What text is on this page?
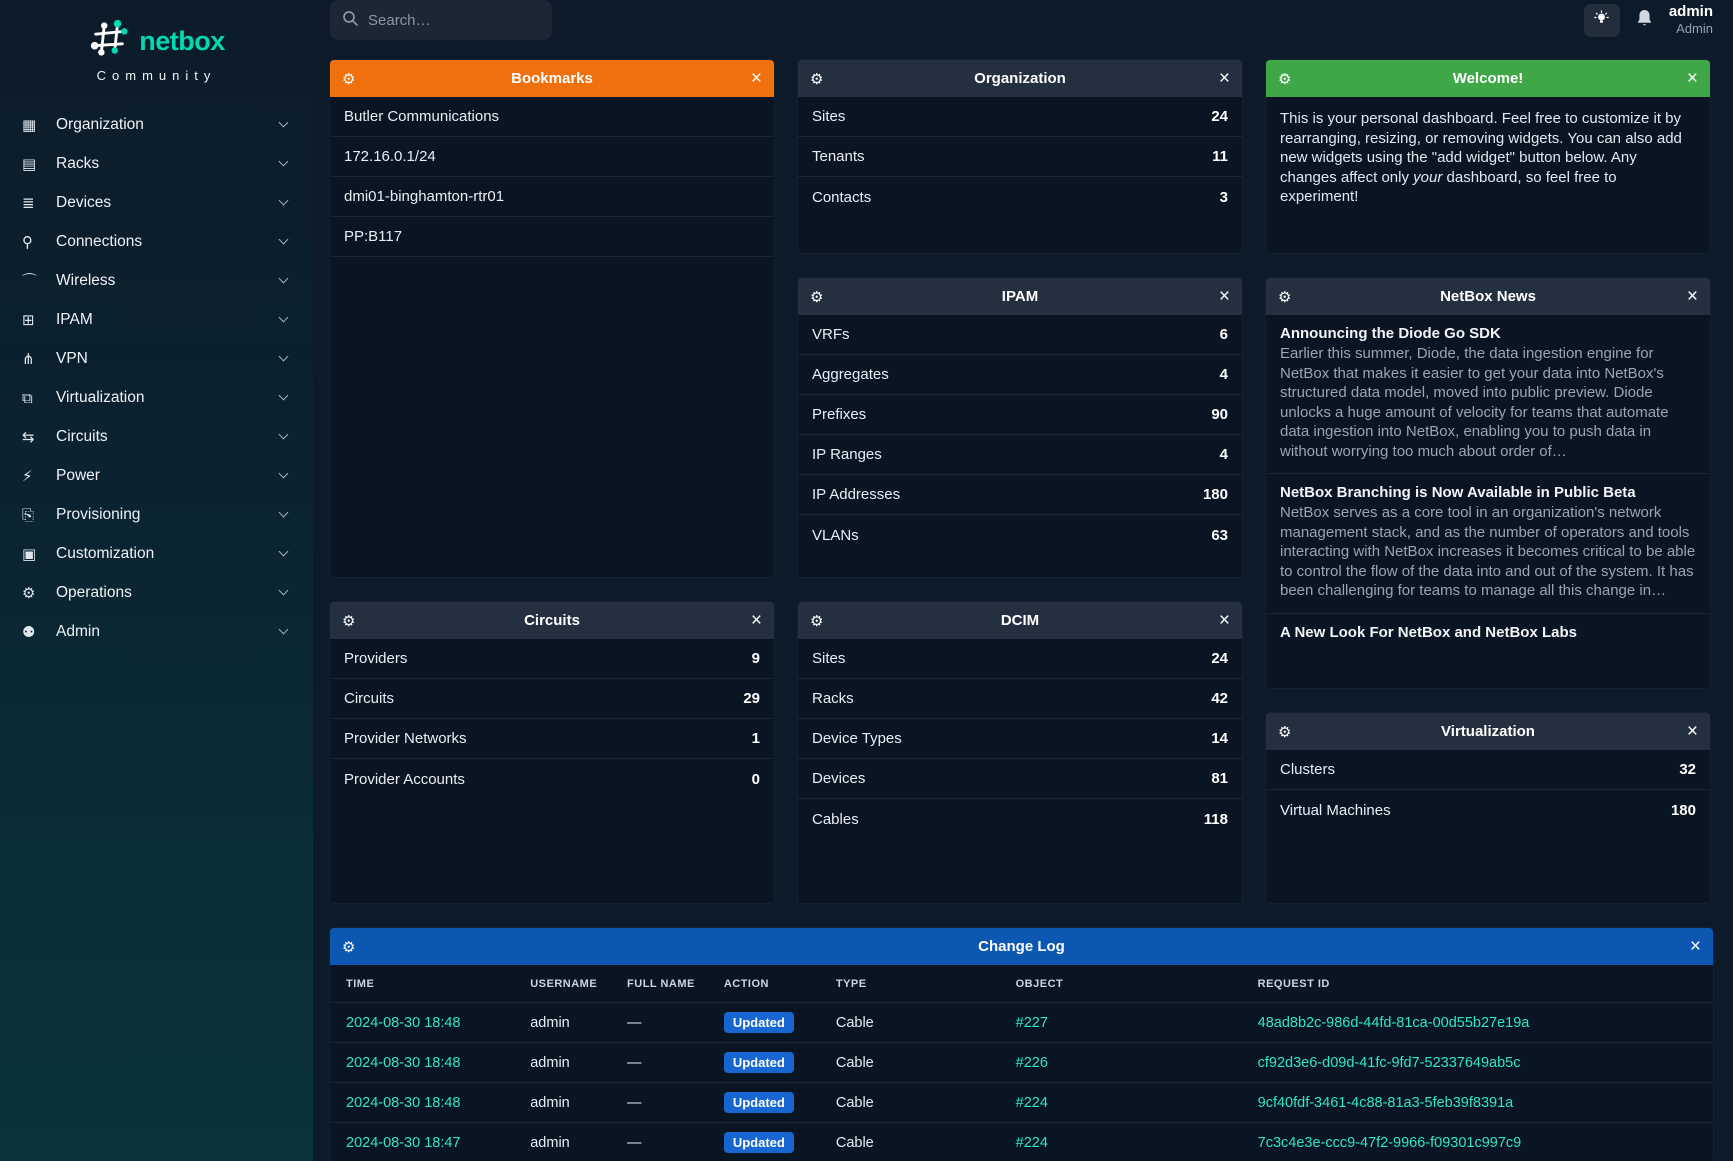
netbox
Community
▦	Organization
▤	Racks
≣	Devices
⚲	Connections
⌒	Wireless
⊞	IPAM
⋔	VPN
⧉	Virtualization
⇆	Circuits
⚡	Power
⎘	Provisioning
▣	Customization
⚙	Operations
⚉	Admin
Search…
admin
Admin
⚙	Bookmarks	×
Butler Communications
172.16.0.1/24
dmi01-binghamton-rtr01
PP:B117
⚙	Circuits	×
Providers	9
Circuits	29
Provider Networks	1
Provider Accounts	0
⚙	Organization	×
Sites	24
Tenants	11
Contacts	3
⚙	IPAM	×
VRFs	6
Aggregates	4
Prefixes	90
IP Ranges	4
IP Addresses	180
VLANs	63
⚙	DCIM	×
Sites	24
Racks	42
Device Types	14
Devices	81
Cables	118
⚙	Welcome!	×
This is your personal dashboard. Feel free to customize it by rearranging, resizing, or removing widgets. You can also add new widgets using the "add widget" button below. Any changes affect only your dashboard, so feel free to experiment!
⚙	NetBox News	×
Announcing the Diode Go SDK
Earlier this summer, Diode, the data ingestion engine for NetBox that makes it easier to get your data into NetBox's structured data model, moved into public preview. Diode unlocks a huge amount of velocity for teams that automate data ingestion into NetBox, enabling you to push data in without worrying too much about order of…
NetBox Branching is Now Available in Public Beta
NetBox serves as a core tool in an organization's network management stack, and as the number of operators and tools interacting with NetBox increases it becomes critical to be able to control the flow of the data into and out of the system. It has been challenging for teams to manage all this change in…
A New Look For NetBox and NetBox Labs
⚙	Virtualization	×
Clusters	32
Virtual Machines	180
⚙	Change Log	×
TIME	USERNAME	FULL NAME	ACTION	TYPE	OBJECT	REQUEST ID
2024-08-30 18:48	admin	—	Updated	Cable	#227	48ad8b2c-986d-44fd-81ca-00d55b27e19a
2024-08-30 18:48	admin	—	Updated	Cable	#226	cf92d3e6-d09d-41fc-9fd7-52337649ab5c
2024-08-30 18:48	admin	—	Updated	Cable	#224	9cf40fdf-3461-4c88-81a3-5feb39f8391a
2024-08-30 18:47	admin	—	Updated	Cable	#224	7c3c4e3e-ccc9-47f2-9966-f09301c997c9
